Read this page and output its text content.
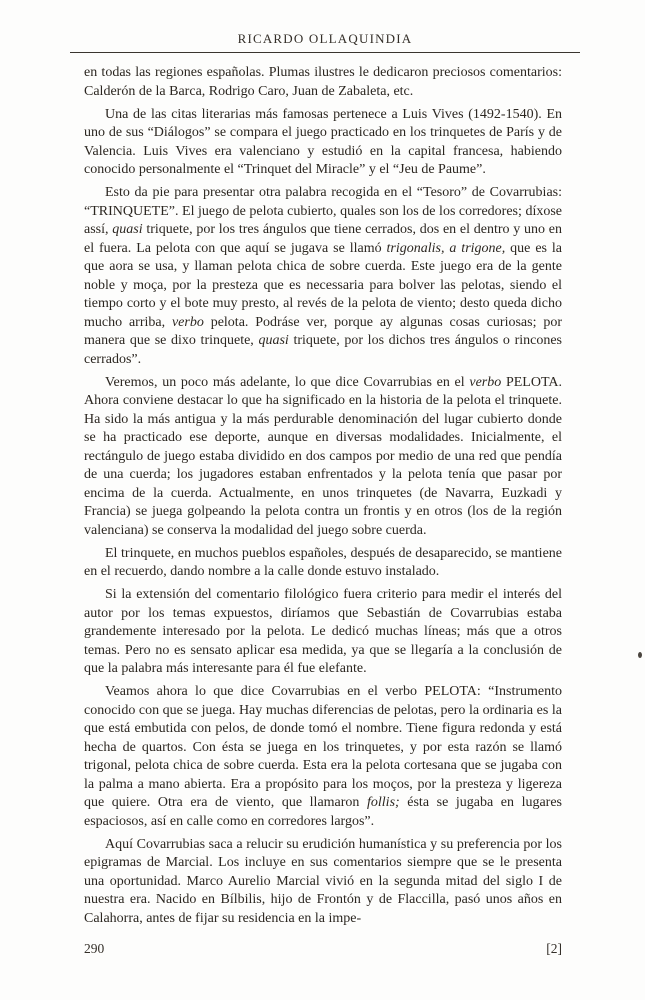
RICARDO OLLAQUINDIA

en todas las regiones españolas. Plumas ilustres le dedicaron preciosos comentarios: Calderón de la Barca, Rodrigo Caro, Juan de Zabaleta, etc.

Una de las citas literarias más famosas pertenece a Luis Vives (1492-1540). En uno de sus “Diálogos” se compara el juego practicado en los trinquetes de París y de Valencia. Luis Vives era valenciano y estudió en la capital francesa, habiendo conocido personalmente el “Trinquet del Miracle” y el “Jeu de Paume”.

Esto da pie para presentar otra palabra recogida en el “Tesoro” de Covarrubias: “TRINQUETE”. El juego de pelota cubierto, quales son los de los corredores; díxose assí, quasi triquete, por los tres ángulos que tiene cerrados, dos en el dentro y uno en el fuera. La pelota con que aquí se jugava se llamó trigonalis, a trigone, que es la que aora se usa, y llaman pelota chica de sobre cuerda. Este juego era de la gente noble y moça, por la presteza que es necessaria para bolver las pelotas, siendo el tiempo corto y el bote muy presto, al revés de la pelota de viento; desto queda dicho mucho arriba, verbo pelota. Podráse ver, porque ay algunas cosas curiosas; por manera que se dixo trinquete, quasi triquete, por los dichos tres ángulos o rincones cerrados”.

Veremos, un poco más adelante, lo que dice Covarrubias en el verbo PELOTA. Ahora conviene destacar lo que ha significado en la historia de la pelota el trinquete. Ha sido la más antigua y la más perdurable denominación del lugar cubierto donde se ha practicado ese deporte, aunque en diversas modalidades. Inicialmente, el rectángulo de juego estaba dividido en dos campos por medio de una red que pendía de una cuerda; los jugadores estaban enfrentados y la pelota tenía que pasar por encima de la cuerda. Actualmente, en unos trinquetes (de Navarra, Euzkadi y Francia) se juega golpeando la pelota contra un frontis y en otros (los de la región valenciana) se conserva la modalidad del juego sobre cuerda.

El trinquete, en muchos pueblos españoles, después de desaparecido, se mantiene en el recuerdo, dando nombre a la calle donde estuvo instalado.

Si la extensión del comentario filológico fuera criterio para medir el interés del autor por los temas expuestos, diríamos que Sebastián de Covarrubias estaba grandemente interesado por la pelota. Le dedicó muchas líneas; más que a otros temas. Pero no es sensato aplicar esa medida, ya que se llegaría a la conclusión de que la palabra más interesante para él fue elefante.

Veamos ahora lo que dice Covarrubias en el verbo PELOTA: “Instrumento conocido con que se juega. Hay muchas diferencias de pelotas, pero la ordinaria es la que está embutida con pelos, de donde tomó el nombre. Tiene figura redonda y está hecha de quartos. Con ésta se juega en los trinquetes, y por esta razón se llamó trigonal, pelota chica de sobre cuerda. Esta era la pelota cortesana que se jugaba con la palma a mano abierta. Era a propósito para los moços, por la presteza y ligereza que quiere. Otra era de viento, que llamaron follis; ésta se jugaba en lugares espaciosos, así en calle como en corredores largos”.

Aquí Covarrubias saca a relucir su erudición humanística y su preferencia por los epigramas de Marcial. Los incluye en sus comentarios siempre que se le presenta una oportunidad. Marco Aurelio Marcial vivió en la segunda mitad del siglo I de nuestra era. Nacido en Bílbilis, hijo de Frontón y de Flaccilla, pasó unos años en Calahorra, antes de fijar su residencia en la impe-

290	[2]
